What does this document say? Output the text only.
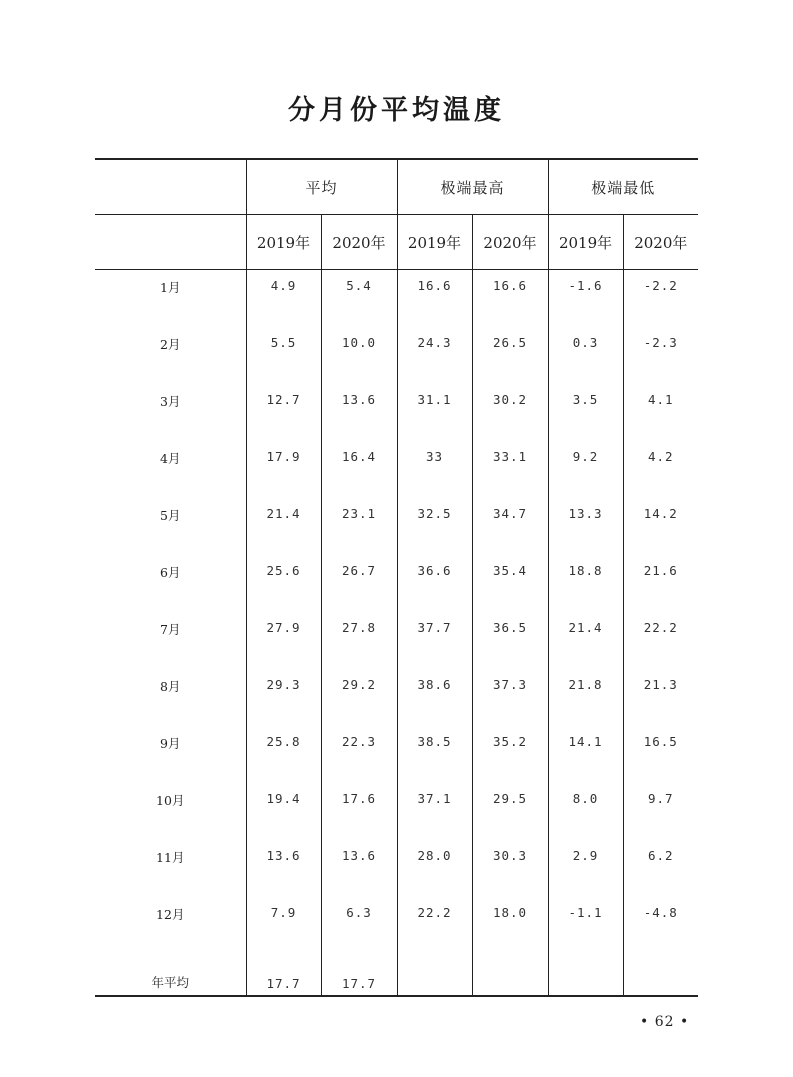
分月份平均温度
	平均		极端最高		极端最低	
	2019年	2020年	2019年	2020年	2019年	2020年
1月	4.9	5.4	16.6	16.6	-1.6	-2.2
2月	5.5	10.0	24.3	26.5	0.3	-2.3
3月	12.7	13.6	31.1	30.2	3.5	4.1
4月	17.9	16.4	33	33.1	9.2	4.2
5月	21.4	23.1	32.5	34.7	13.3	14.2
6月	25.6	26.7	36.6	35.4	18.8	21.6
7月	27.9	27.8	37.7	36.5	21.4	22.2
8月	29.3	29.2	38.6	37.3	21.8	21.3
9月	25.8	22.3	38.5	35.2	14.1	16.5
10月	19.4	17.6	37.1	29.5	8.0	9.7
11月	13.6	13.6	28.0	30.3	2.9	6.2
12月	7.9	6.3	22.2	18.0	-1.1	-4.8
年平均	17.7	17.7				
• 62 •
